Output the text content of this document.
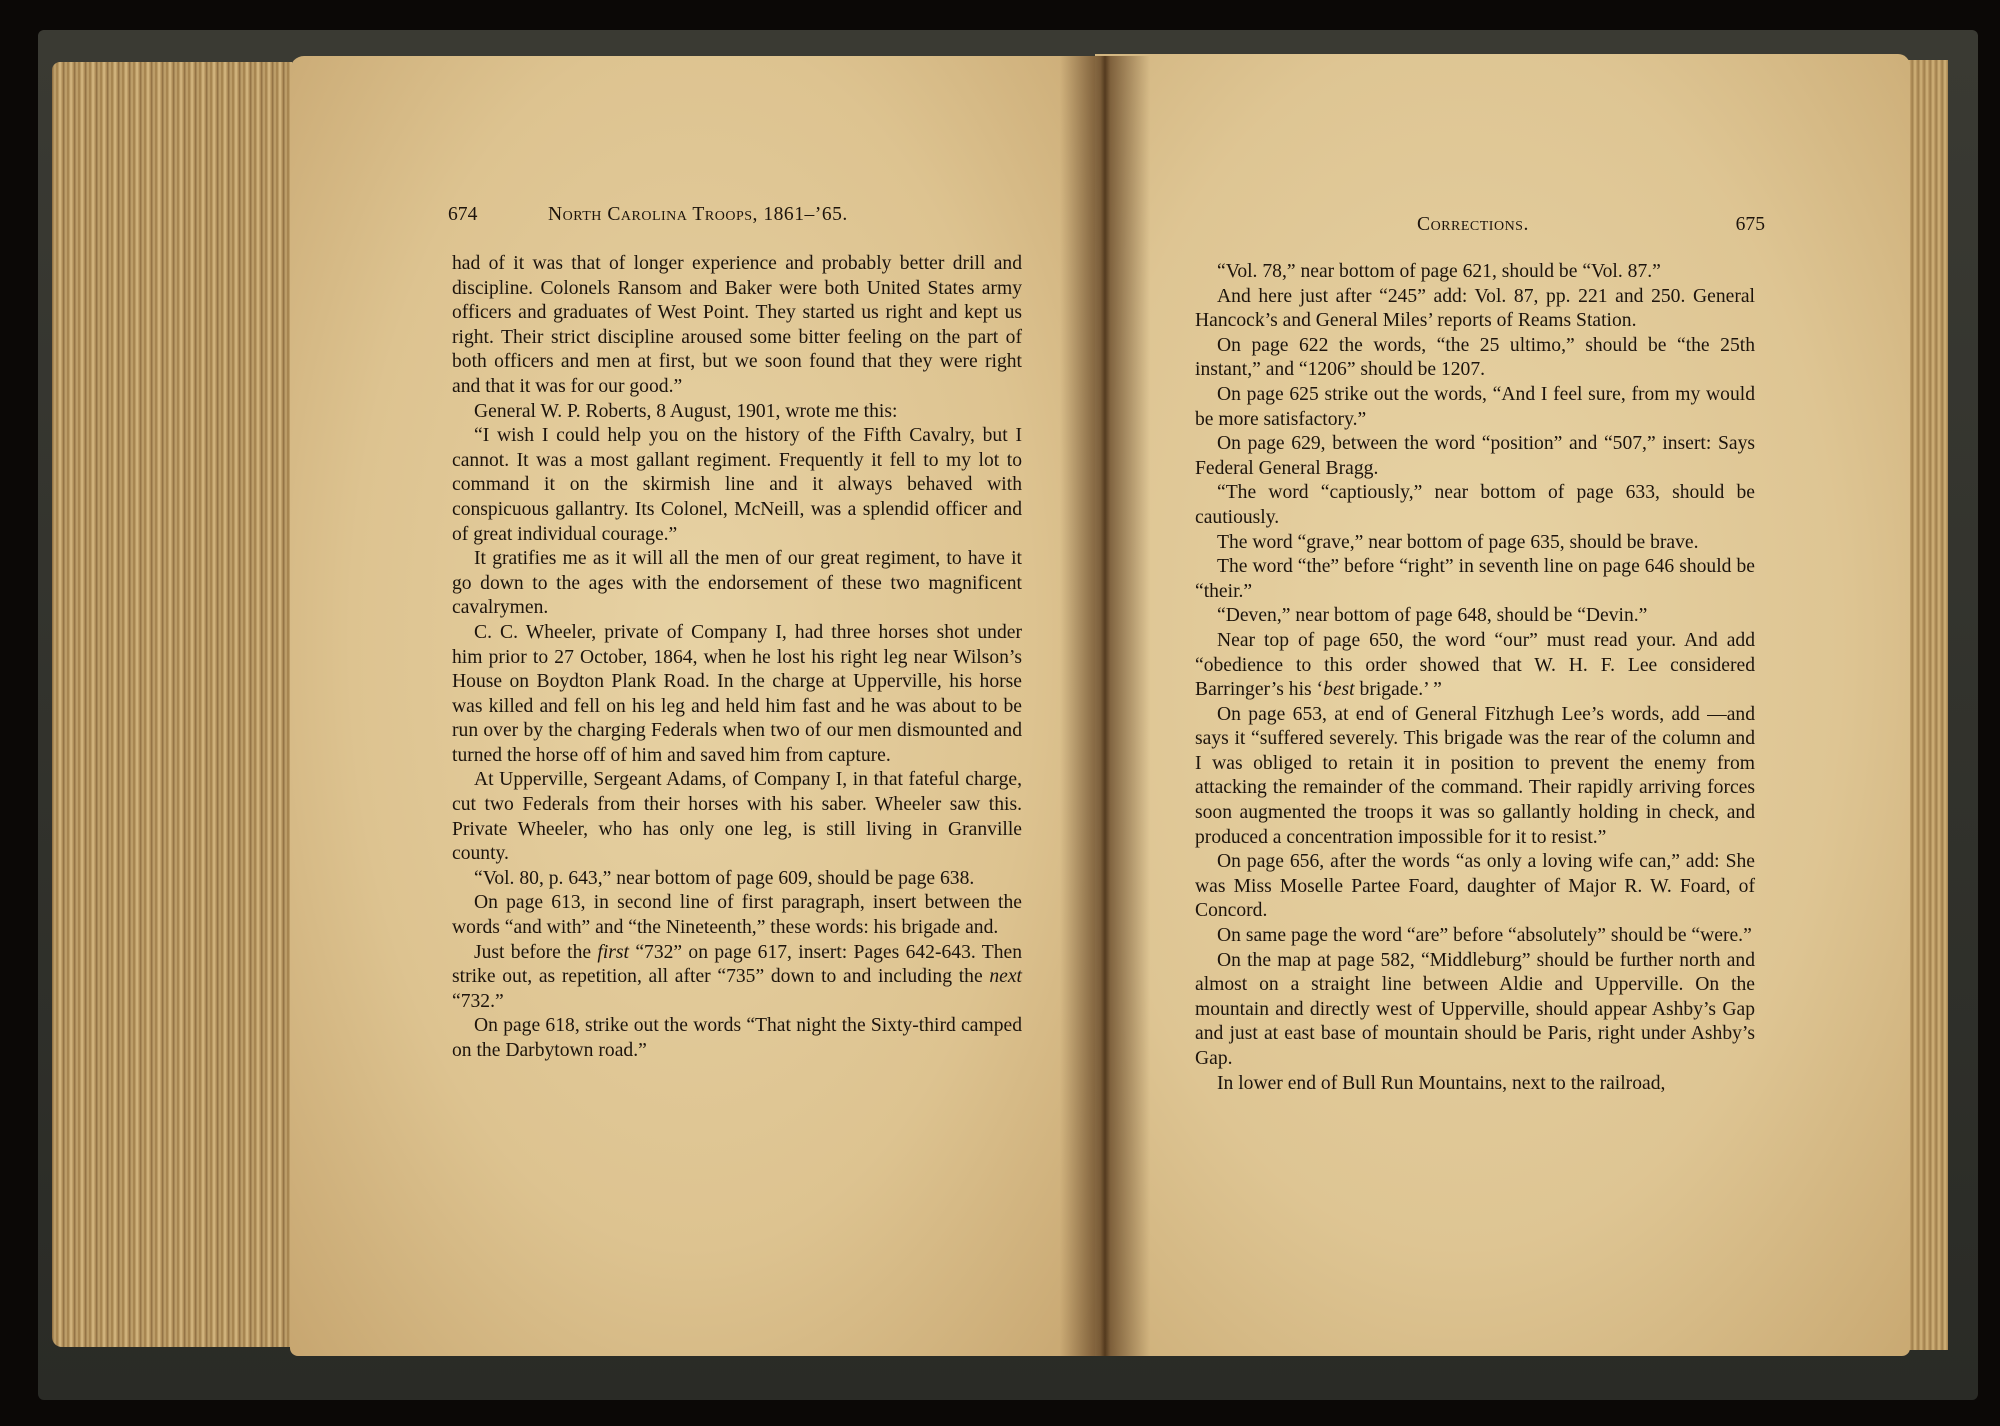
674	North Carolina Troops, 1861–’65.

had of it was that of longer experience and probably better drill and discipline. Colonels Ransom and Baker were both United States army officers and graduates of West Point. They started us right and kept us right. Their strict discipline aroused some bitter feeling on the part of both officers and men at first, but we soon found that they were right and that it was for our good.”

General W. P. Roberts, 8 August, 1901, wrote me this:

“I wish I could help you on the history of the Fifth Cavalry, but I cannot. It was a most gallant regiment. Frequently it fell to my lot to command it on the skirmish line and it always behaved with conspicuous gallantry. Its Colonel, McNeill, was a splendid officer and of great individual courage.”

It gratifies me as it will all the men of our great regiment, to have it go down to the ages with the endorsement of these two magnificent cavalrymen.

C. C. Wheeler, private of Company I, had three horses shot under him prior to 27 October, 1864, when he lost his right leg near Wilson’s House on Boydton Plank Road. In the charge at Upperville, his horse was killed and fell on his leg and held him fast and he was about to be run over by the charging Federals when two of our men dismounted and turned the horse off of him and saved him from capture.

At Upperville, Sergeant Adams, of Company I, in that fateful charge, cut two Federals from their horses with his saber. Wheeler saw this. Private Wheeler, who has only one leg, is still living in Granville county.

“Vol. 80, p. 643,” near bottom of page 609, should be page 638.

On page 613, in second line of first paragraph, insert between the words “and with” and “the Nineteenth,” these words: his brigade and.

Just before the first “732” on page 617, insert: Pages 642-643. Then strike out, as repetition, all after “735” down to and including the next “732.”

On page 618, strike out the words “That night the Sixty-third camped on the Darbytown road.”

Corrections.	675

“Vol. 78,” near bottom of page 621, should be “Vol. 87.”

And here just after “245” add: Vol. 87, pp. 221 and 250. General Hancock’s and General Miles’ reports of Reams Station.

On page 622 the words, “the 25 ultimo,” should be “the 25th instant,” and “1206” should be 1207.

On page 625 strike out the words, “And I feel sure, from my would be more satisfactory.”

On page 629, between the word “position” and “507,” insert: Says Federal General Bragg.

“The word “captiously,” near bottom of page 633, should be cautiously.

The word “grave,” near bottom of page 635, should be brave.

The word “the” before “right” in seventh line on page 646 should be “their.”

“Deven,” near bottom of page 648, should be “Devin.”

Near top of page 650, the word “our” must read your. And add “obedience to this order showed that W. H. F. Lee considered Barringer’s his ‘best brigade.’ ”

On page 653, at end of General Fitzhugh Lee’s words, add —and says it “suffered severely. This brigade was the rear of the column and I was obliged to retain it in position to prevent the enemy from attacking the remainder of the command. Their rapidly arriving forces soon augmented the troops it was so gallantly holding in check, and produced a concentration impossible for it to resist.”

On page 656, after the words “as only a loving wife can,” add: She was Miss Moselle Partee Foard, daughter of Major R. W. Foard, of Concord.

On same page the word “are” before “absolutely” should be “were.”

On the map at page 582, “Middleburg” should be further north and almost on a straight line between Aldie and Upperville. On the mountain and directly west of Upperville, should appear Ashby’s Gap and just at east base of mountain should be Paris, right under Ashby’s Gap.

In lower end of Bull Run Mountains, next to the railroad,
